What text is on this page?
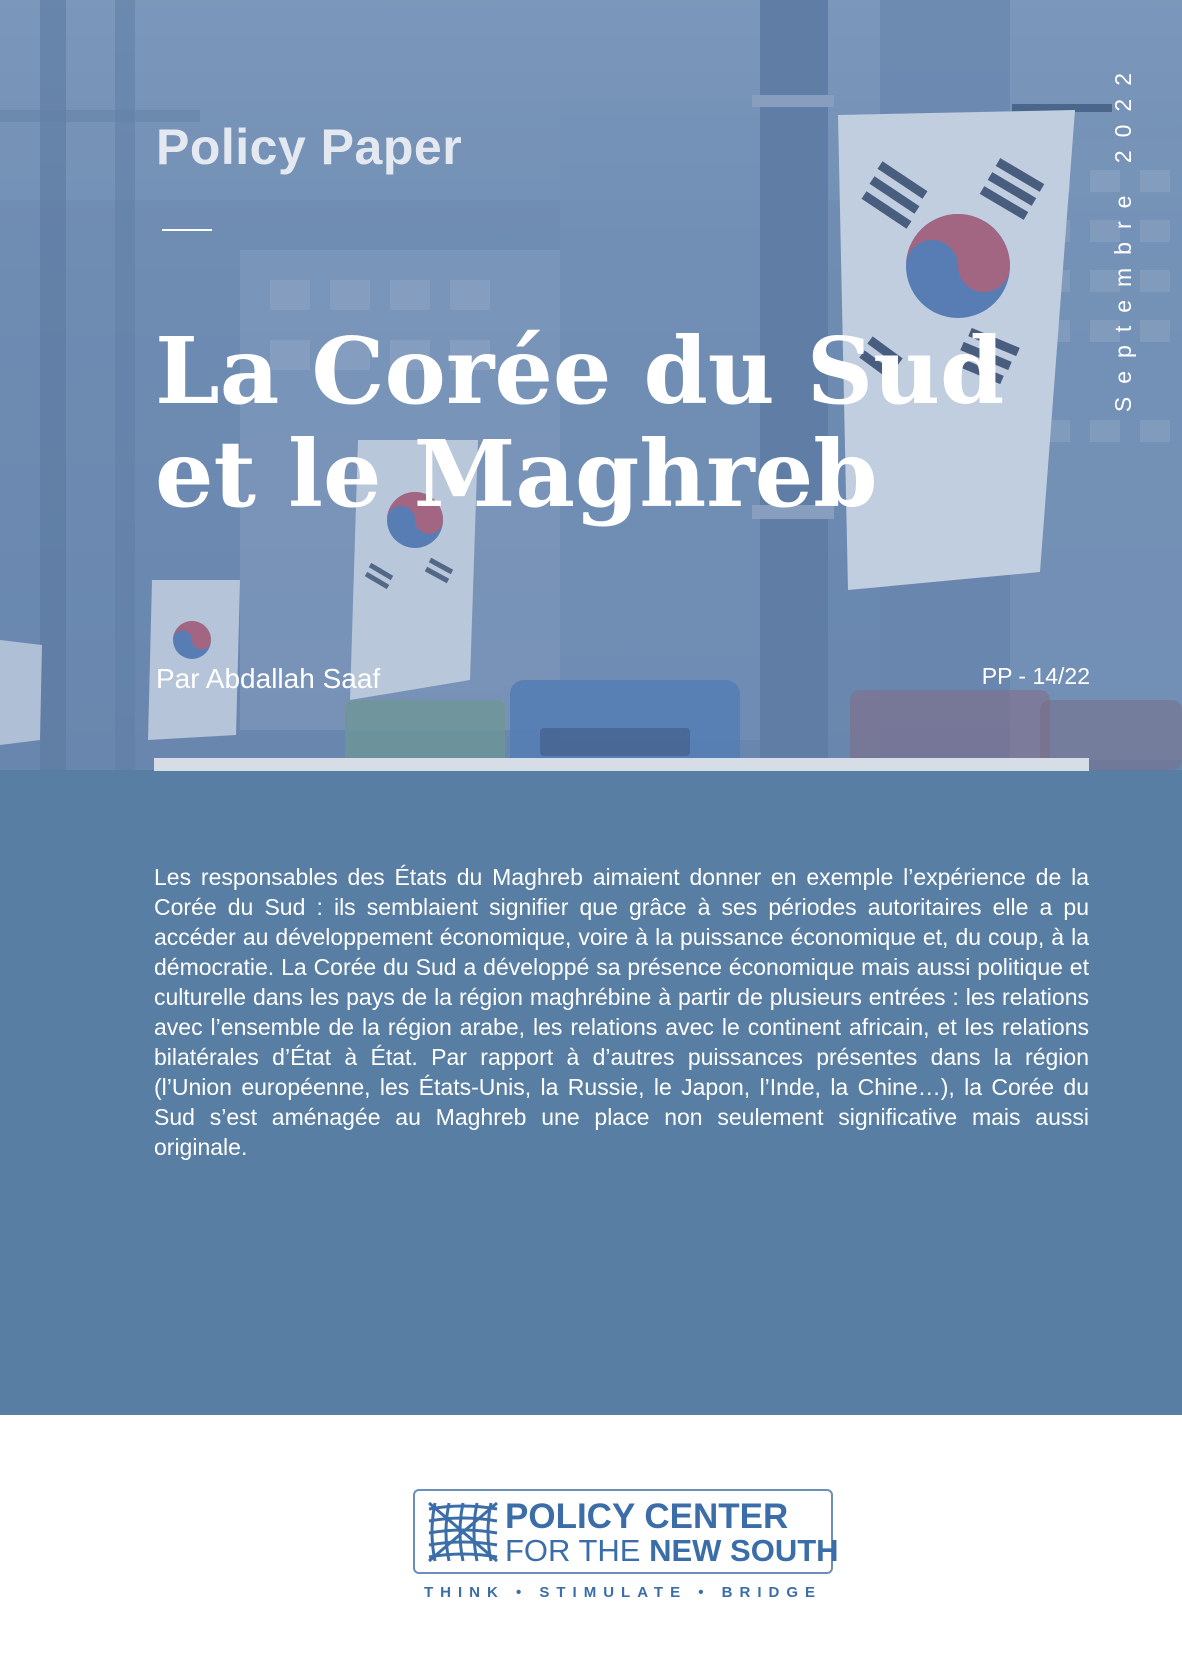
Policy Paper
La Corée du Sud
et le Maghreb
Septembre 2022
Par Abdallah Saaf	PP - 14/22

Les responsables des États du Maghreb aimaient donner en exemple l’expérience de la Corée du Sud : ils semblaient signifier que grâce à ses périodes autoritaires elle a pu accéder au développement économique, voire à la puissance économique et, du coup, à la démocratie. La Corée du Sud a développé sa présence économique mais aussi politique et culturelle dans les pays de la région maghrébine à partir de plusieurs entrées : les relations avec l’ensemble de la région arabe, les relations avec le continent africain, et les relations bilatérales d’État à État. Par rapport à d’autres puissances présentes dans la région (l’Union européenne, les États-Unis, la Russie, le Japon, l’Inde, la Chine…), la Corée du Sud s’est aménagée au Maghreb une place non seulement significative mais aussi originale.

POLICY CENTER
FOR THE NEW SOUTH
THINK • STIMULATE • BRIDGE
